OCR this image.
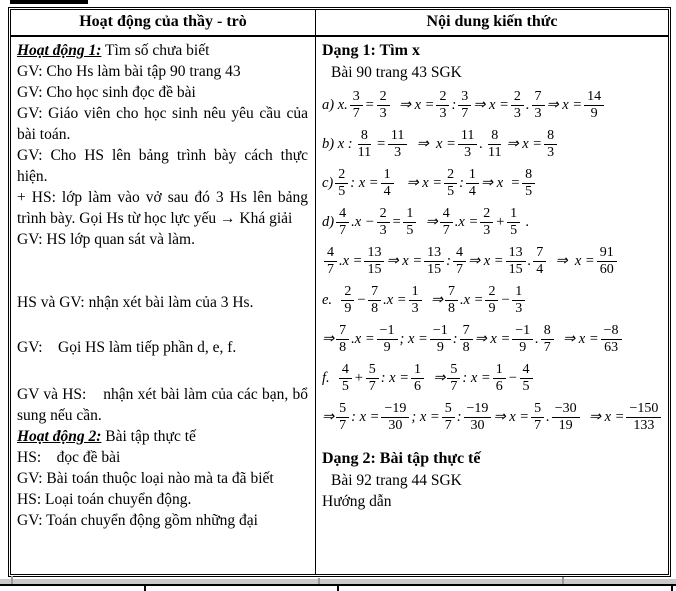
Hoạt động của thầy - trò	Nội dung kiến thức
Hoạt động 1: Tìm số chưa biết
GV: Cho Hs làm bài tập 90 trang 43
GV: Cho học sinh đọc đề bài
GV: Giáo viên cho học sinh nêu yêu cầu của bài toán.
GV: Cho HS lên bảng trình bày cách thực hiện.
+ HS: lớp làm vào vở sau đó 3 Hs lên bảng trình bày. Gọi Hs từ học lực yếu → Khá giải
GV: HS lớp quan sát và làm.
HS và GV: nhận xét bài làm của 3 Hs.
GV:    Gọi HS làm tiếp phần d, e, f.
GV và HS:    nhận xét bài làm của các bạn, bổ sung nếu cần.
Hoạt động 2: Bài tập thực tế
HS:    đọc đề bài
GV: Bài toán thuộc loại nào mà ta đã biết
HS: Loại toán chuyển động.
GV: Toán chuyển động gồm những đại
Dạng 1: Tìm x
Bài 90 trang 43 SGK
a) x. $\frac{3}{7} = \frac{2}{3}$ ⇒ $x = \frac{2}{3}$ : $\frac{3}{7}$ ⇒ $x = \frac{2}{3}$ . $\frac{7}{3}$ ⇒ $x = \frac{14}{9}$
b) x : $\frac{8}{11} = \frac{11}{3}$ ⇒  $x = \frac{11}{3}$ . $\frac{8}{11}$ ⇒ $x = \frac{8}{3}$
$c) \frac{2}{5}$ : $x = \frac{1}{4}$ ⇒ $x = \frac{2}{5}$ : $\frac{1}{4}$ ⇒ $x = \frac{8}{5}$
$d) \frac{4}{7} .x - \frac{2}{3} = \frac{1}{5}$ ⇒ $\frac{4}{7} .x = \frac{2}{3} + \frac{1}{5}$ .
$\frac{4}{7} .x = \frac{13}{15}$ ⇒ $x = \frac{13}{15}$ : $\frac{4}{7}$ ⇒ $x = \frac{13}{15}$ . $\frac{7}{4}$ ⇒  $x = \frac{91}{60}$
e. $\frac{2}{9} - \frac{7}{8} .x = \frac{1}{3}$ ⇒ $\frac{7}{8} .x = \frac{2}{9} - \frac{1}{3}$
⇒ $\frac{7}{8} .x = \frac{-1}{9}$ ; $x = \frac{-1}{9}$ : $\frac{7}{8}$ ⇒ $x = \frac{-1}{9}$ . $\frac{8}{7}$ ⇒ $x = \frac{-8}{63}$
f. $\frac{4}{5} + \frac{5}{7}$ : $x = \frac{1}{6}$ ⇒ $\frac{5}{7}$ : $x = \frac{1}{6} - \frac{4}{5}$
⇒ $\frac{5}{7}$ : $x = \frac{-19}{30}$ ; $x = \frac{5}{7}$ : $\frac{-19}{30}$ ⇒ $x = \frac{5}{7}$ . $\frac{-30}{19}$ ⇒ $x = \frac{-150}{133}$
Dạng 2: Bài tập thực tế
Bài 92 trang 44 SGK
Hướng dẫn
